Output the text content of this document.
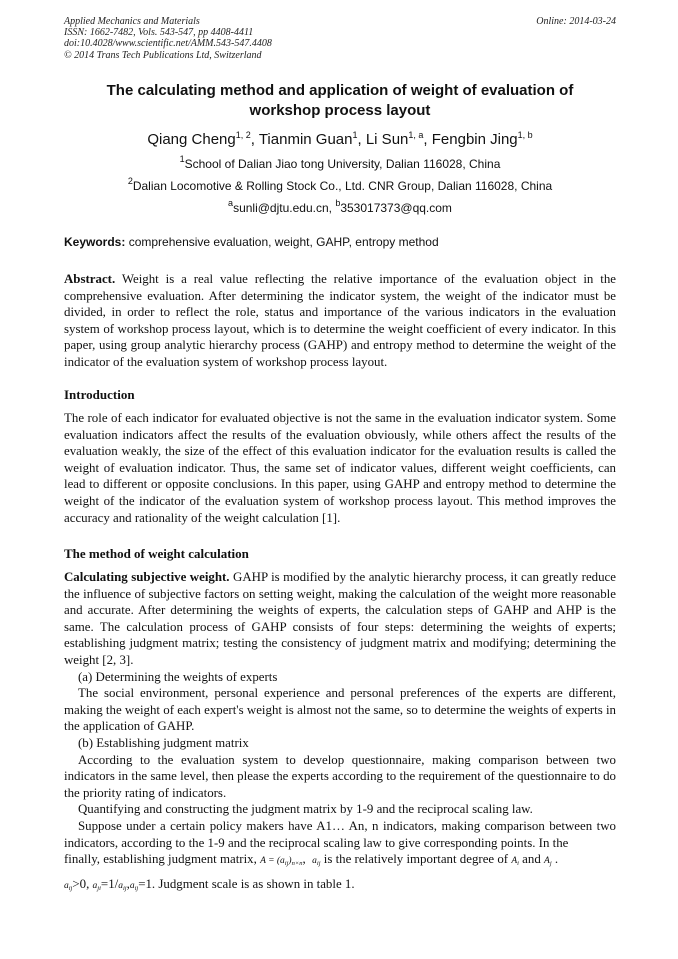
Applied Mechanics and Materials
ISSN: 1662-7482, Vols. 543-547, pp 4408-4411
doi:10.4028/www.scientific.net/AMM.543-547.4408
© 2014 Trans Tech Publications Ltd, Switzerland
Online: 2014-03-24
The calculating method and application of weight of evaluation of
workshop process layout
Qiang Cheng$^{1, 2}$, Tianmin Guan$^1$, Li Sun$^{1, a}$, Fengbin Jing$^{1, b}$
$^1$School of Dalian Jiao tong University, Dalian 116028, China
$^2$Dalian Locomotive & Rolling Stock Co., Ltd. CNR Group, Dalian 116028, China
$^a$sunli@djtu.edu.cn, $^b$353017373@qq.com
Keywords: comprehensive evaluation, weight, GAHP, entropy method
Abstract. Weight is a real value reflecting the relative importance of the evaluation object in the comprehensive evaluation. After determining the indicator system, the weight of the indicator must be divided, in order to reflect the role, status and importance of the various indicators in the evaluation system of workshop process layout, which is to determine the weight coefficient of every indicator. In this paper, using group analytic hierarchy process (GAHP) and entropy method to determine the weight of the indicator of the evaluation system of workshop process layout.
Introduction
The role of each indicator for evaluated objective is not the same in the evaluation indicator system. Some evaluation indicators affect the results of the evaluation obviously, while others affect the results of the evaluation weakly, the size of the effect of this evaluation indicator for the evaluation results is called the weight of evaluation indicator. Thus, the same set of indicator values, different weight coefficients, can lead to different or opposite conclusions. In this paper, using GAHP and entropy method to determine the weight of the indicator of the evaluation system of workshop process layout. This method improves the accuracy and rationality of the weight calculation [1].
The method of weight calculation
Calculating subjective weight. GAHP is modified by the analytic hierarchy process, it can greatly reduce the influence of subjective factors on setting weight, making the calculation of the weight more reasonable and accurate. After determining the weights of experts, the calculation steps of GAHP and AHP is the same. The calculation process of GAHP consists of four steps: determining the weights of experts; establishing judgment matrix; testing the consistency of judgment matrix and modifying; determining the weight [2, 3].
(a) Determining the weights of experts
The social environment, personal experience and personal preferences of the experts are different, making the weight of each expert's weight is almost not the same, so to determine the weights of experts in the application of GAHP.
(b) Establishing judgment matrix
According to the evaluation system to develop questionnaire, making comparison between two indicators in the same level, then please the experts according to the requirement of the questionnaire to do the priority rating of indicators.
Quantifying and constructing the judgment matrix by 1-9 and the reciprocal scaling law.
Suppose under a certain policy makers have A1… An, n indicators, making comparison between two indicators, according to the 1-9 and the reciprocal scaling law to give corresponding points. In the
finally, establishing judgment matrix, $A = (a_{ij})_{n\times n}$,  $a_{ij}$ is the relatively important degree of $A_i$ and $A_j$ .
$a_{ij}>0$, $a_{ji}=1/a_{ij},a_{ij}=1$. Judgment scale is as shown in table 1.
